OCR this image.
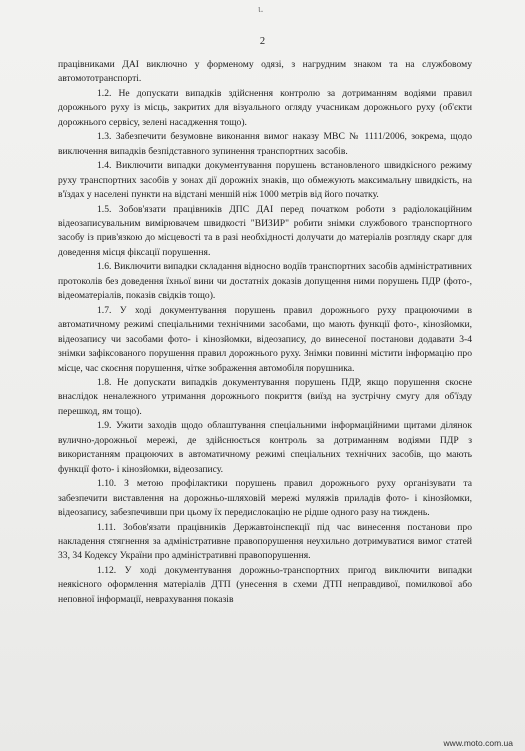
ι.
2

працівниками ДАІ виключно у форменому одязі, з нагрудним знаком та на службовому автомототранспорті.

1.2. Не допускати випадків здійснення контролю за дотриманням водіями правил дорожнього руху із місць, закритих для візуального огляду учасникам дорожнього руху (об'єкти дорожнього сервісу, зелені насадження тощо).

1.3. Забезпечити безумовне виконання вимог наказу МВС № 1111/2006, зокрема, щодо виключення випадків безпідставного зупинення транспортних засобів.

1.4. Виключити випадки документування порушень встановленого швидкісного режиму руху транспортних засобів у зонах дії дорожніх знаків, що обмежують максимальну швидкість, на в'їздах у населені пункти на відстані меншій ніж 1000 метрів від його початку.

1.5. Зобов'язати працівників ДПС ДАІ перед початком роботи з радіолокаційним відеозаписувальним вимірювачем швидкості "ВИЗИР" робити знімки службового транспортного засобу із прив'язкою до місцевості та в разі необхідності долучати до матеріалів розгляду скарг для доведення місця фіксації порушення.

1.6. Виключити випадки складання відносно водіїв транспортних засобів адміністративних протоколів без доведення їхньої вини чи достатніх доказів допущення ними порушень ПДР (фото-, відеоматеріалів, показів свідків тощо).

1.7. У ході документування порушень правил дорожнього руху працюючими в автоматичному режимі спеціальними технічними засобами, що мають функції фото-, кінозйомки, відеозапису чи засобами фото- і кінозйомки, відеозапису, до винесеної постанови додавати 3-4 знімки зафіксованого порушення правил дорожнього руху. Знімки повинні містити інформацію про місце, час скоєння порушення, чітке зображення автомобіля порушника.

1.8. Не допускати випадків документування порушень ПДР, якщо порушення скоєне внаслідок неналежного утримання дорожнього покриття (виїзд на зустрічну смугу для об'їзду перешкод, ям тощо).

1.9. Ужити заходів щодо облаштування спеціальними інформаційними щитами ділянок вулично-дорожньої мережі, де здійснюється контроль за дотриманням водіями ПДР з використанням працюючих в автоматичному режимі спеціальних технічних засобів, що мають функції фото- і кінозйомки, відеозапису.

1.10. З метою профілактики порушень правил дорожнього руху організувати та забезпечити виставлення на дорожньо-шляховій мережі муляжів приладів фото- і кінозйомки, відеозапису, забезпечивши при цьому їх передислокацію не рідше одного разу на тиждень.

1.11. Зобов'язати працівників Державтоінспекції під час винесення постанови про накладення стягнення за адміністративне правопорушення неухильно дотримуватися вимог статей 33, 34 Кодексу України про адміністративні правопорушення.

1.12. У ході документування дорожньо-транспортних пригод виключити випадки неякісного оформлення матеріалів ДТП (унесення в схеми ДТП неправдивої, помилкової або неповної інформації, неврахування показів

www.moto.com.ua
